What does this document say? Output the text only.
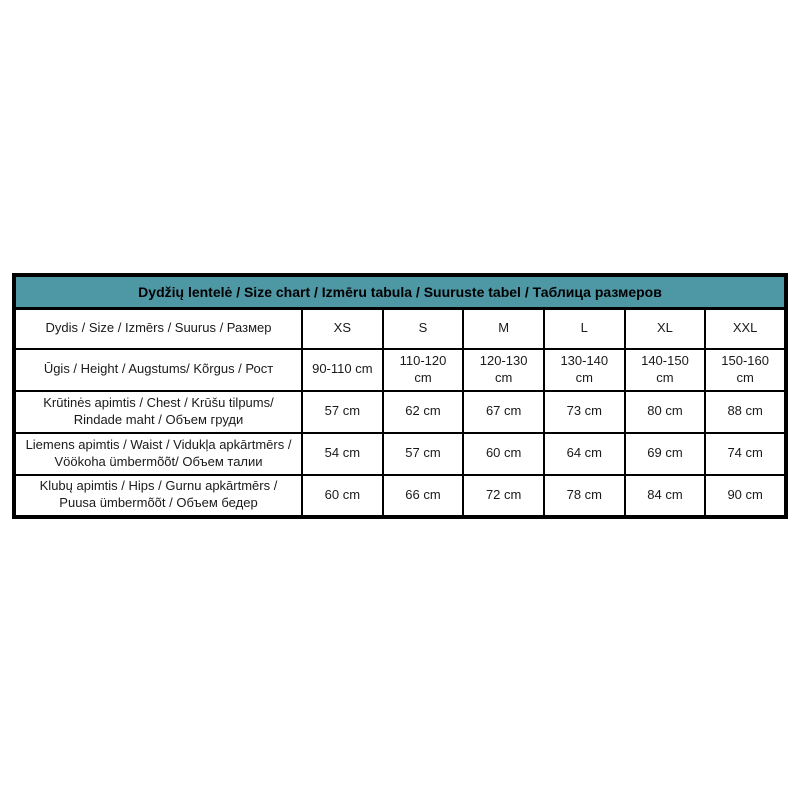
Dydžių lentelė / Size chart / Izmēru tabula / Suuruste tabel / Таблица размеров						
Dydis / Size / Izmērs / Suurus / Размер	XS	S	M	L	XL	XXL
Ūgis / Height / Augstums/ Kõrgus / Рост	90-110 cm	110-120 cm	120-130 cm	130-140 cm	140-150 cm	150-160 cm
Krūtinės apimtis / Chest / Krūšu tilpums/ Rindade maht / Объем груди	57 cm	62 cm	67 cm	73 cm	80 cm	88 cm
Liemens apimtis / Waist / Vidukļa apkārtmērs / Vöökoha ümbermõõt/ Объем талии	54 cm	57 cm	60 cm	64 cm	69 cm	74 cm
Klubų apimtis / Hips / Gurnu apkārtmērs / Puusa ümbermõõt / Объем бедер	60 cm	66 cm	72 cm	78 cm	84 cm	90 cm
